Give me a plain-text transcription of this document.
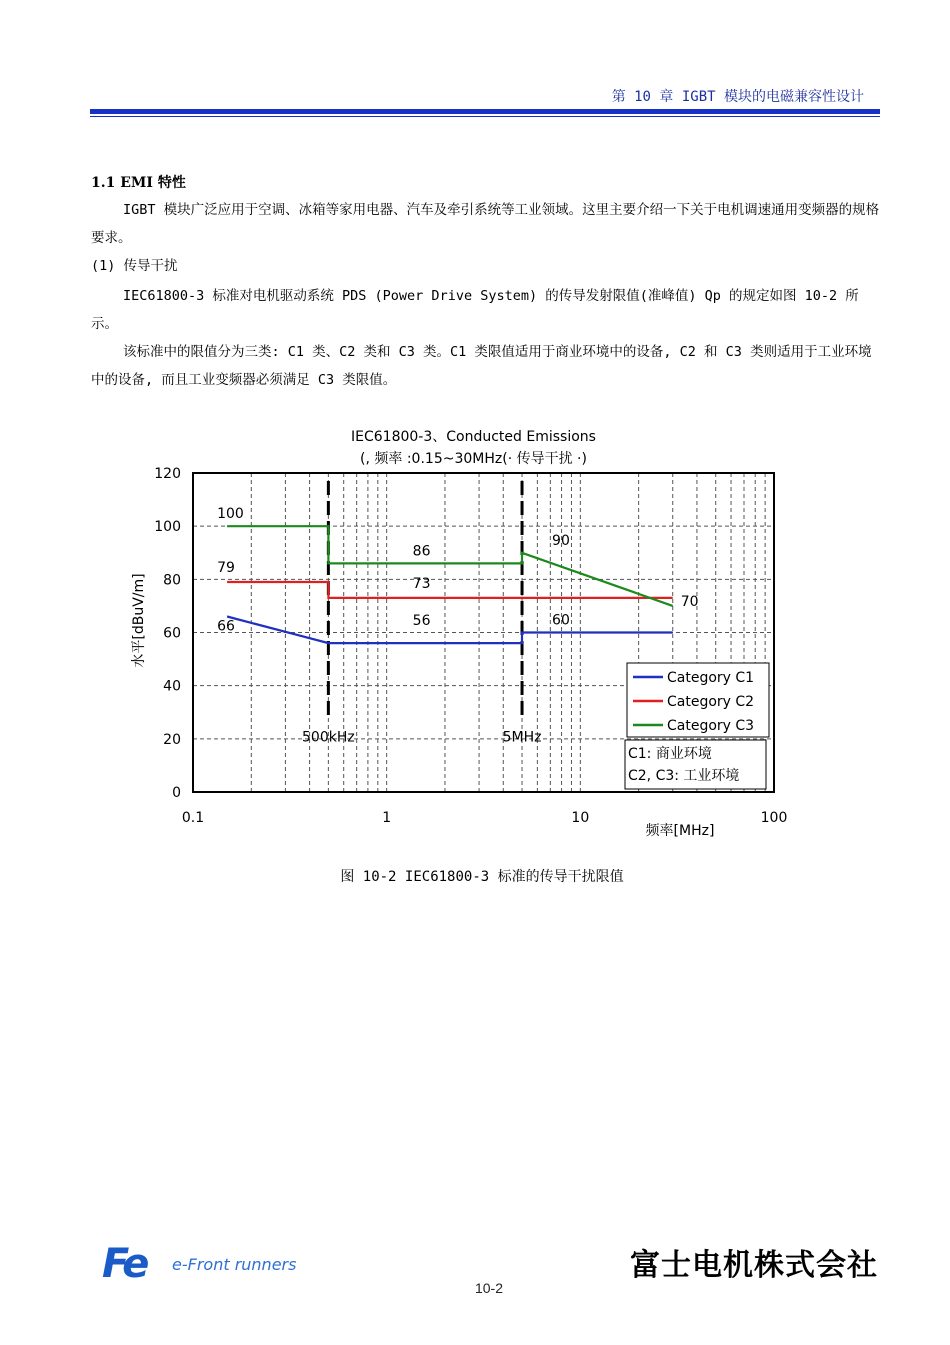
第 10 章 IGBT 模块的电磁兼容性设计
1.1 EMI 特性

IGBT 模块广泛应用于空调、冰箱等家用电器、汽车及牵引系统等工业领域。这里主要介绍一下关于电机调速通用变频器的规格要求。

(1) 传导干扰

IEC61800-3 标准对电机驱动系统 PDS (Power Drive System) 的传导发射限值(准峰值) Qp 的规定如图 10-2 所示。

该标准中的限值分为三类: C1 类、C2 类和 C3 类。C1 类限值适用于商业环境中的设备, C2 和 C3 类则适用于工业环境中的设备, 而且工业变频器必须满足 C3 类限值。

IEC61800-3、Conducted Emissions
(, 频率 :0.15~30MHz(· 传导干扰 ·)
0
20
40
60
80
100
120
0.1	1	10	100
频率[MHz]
水平[dBuV/m]
500kHz	5MHz
100
79
66
86
73
56
90
60
70
Category C1
Category C2
Category C3
C1: 商业环境
C2, C3: 工业环境
图 10-2 IEC61800-3 标准的传导干扰限值
Fe e-Front runners
10-2
富士电机株式会社
